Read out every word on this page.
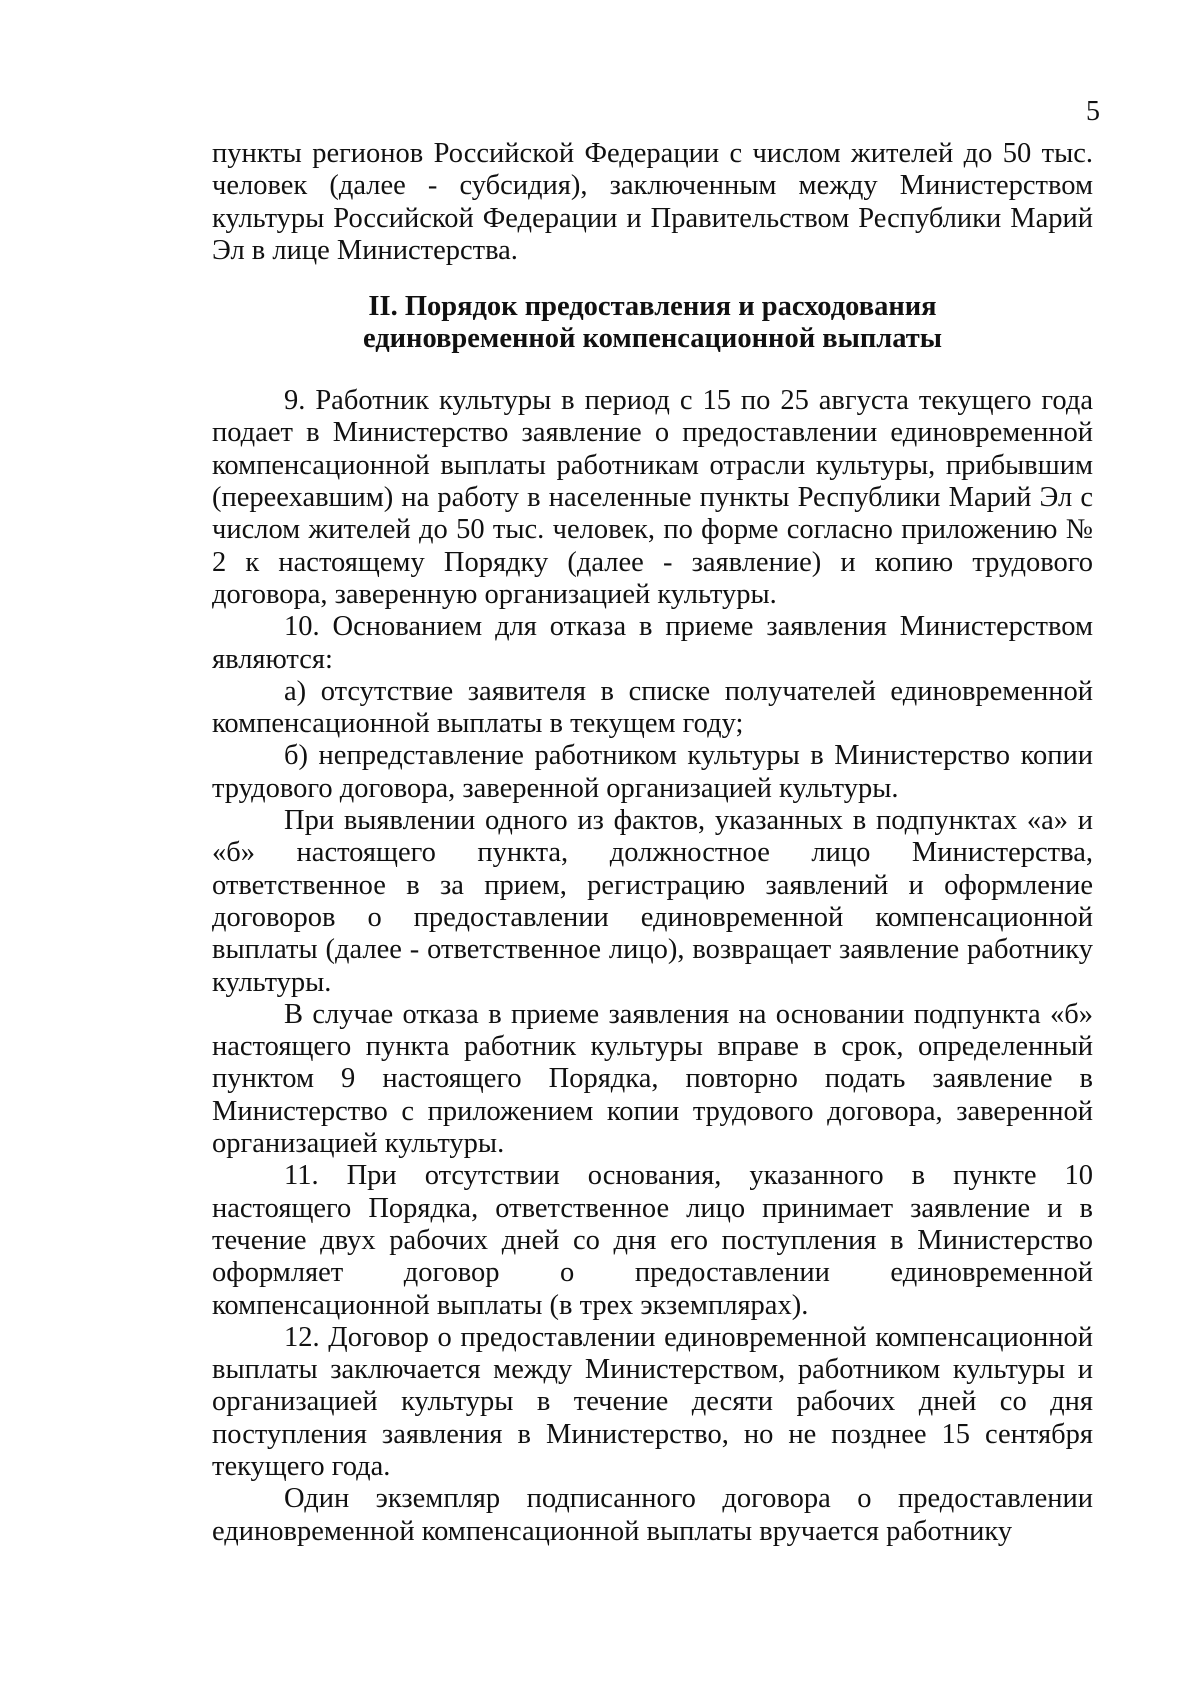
5

пункты регионов Российской Федерации с числом жителей до 50 тыс. человек (далее - субсидия), заключенным между Министерством культуры Российской Федерации и Правительством Республики Марий Эл в лице Министерства.

II. Порядок предоставления и расходования
единовременной компенсационной выплаты

9. Работник культуры в период с 15 по 25 августа текущего года подает в Министерство заявление о предоставлении единовременной компенсационной выплаты работникам отрасли культуры, прибывшим (переехавшим) на работу в населенные пункты Республики Марий Эл с числом жителей до 50 тыс. человек, по форме согласно приложению № 2 к настоящему Порядку (далее - заявление) и копию трудового договора, заверенную организацией культуры.

10. Основанием для отказа в приеме заявления Министерством являются:

а) отсутствие заявителя в списке получателей единовременной компенсационной выплаты в текущем году;

б) непредставление работником культуры в Министерство копии трудового договора, заверенной организацией культуры.

При выявлении одного из фактов, указанных в подпунктах «а» и «б» настоящего пункта, должностное лицо Министерства, ответственное в за прием, регистрацию заявлений и оформление договоров о предоставлении единовременной компенсационной выплаты (далее - ответственное лицо), возвращает заявление работнику культуры.

В случае отказа в приеме заявления на основании подпункта «б» настоящего пункта работник культуры вправе в срок, определенный пунктом 9 настоящего Порядка, повторно подать заявление в Министерство с приложением копии трудового договора, заверенной организацией культуры.

11. При отсутствии основания, указанного в пункте 10 настоящего Порядка, ответственное лицо принимает заявление и в течение двух рабочих дней со дня его поступления в Министерство оформляет договор о предоставлении единовременной компенсационной выплаты (в трех экземплярах).

12. Договор о предоставлении единовременной компенсационной выплаты заключается между Министерством, работником культуры и организацией культуры в течение десяти рабочих дней со дня поступления заявления в Министерство, но не позднее 15 сентября текущего года.

Один экземпляр подписанного договора о предоставлении единовременной компенсационной выплаты вручается работнику
